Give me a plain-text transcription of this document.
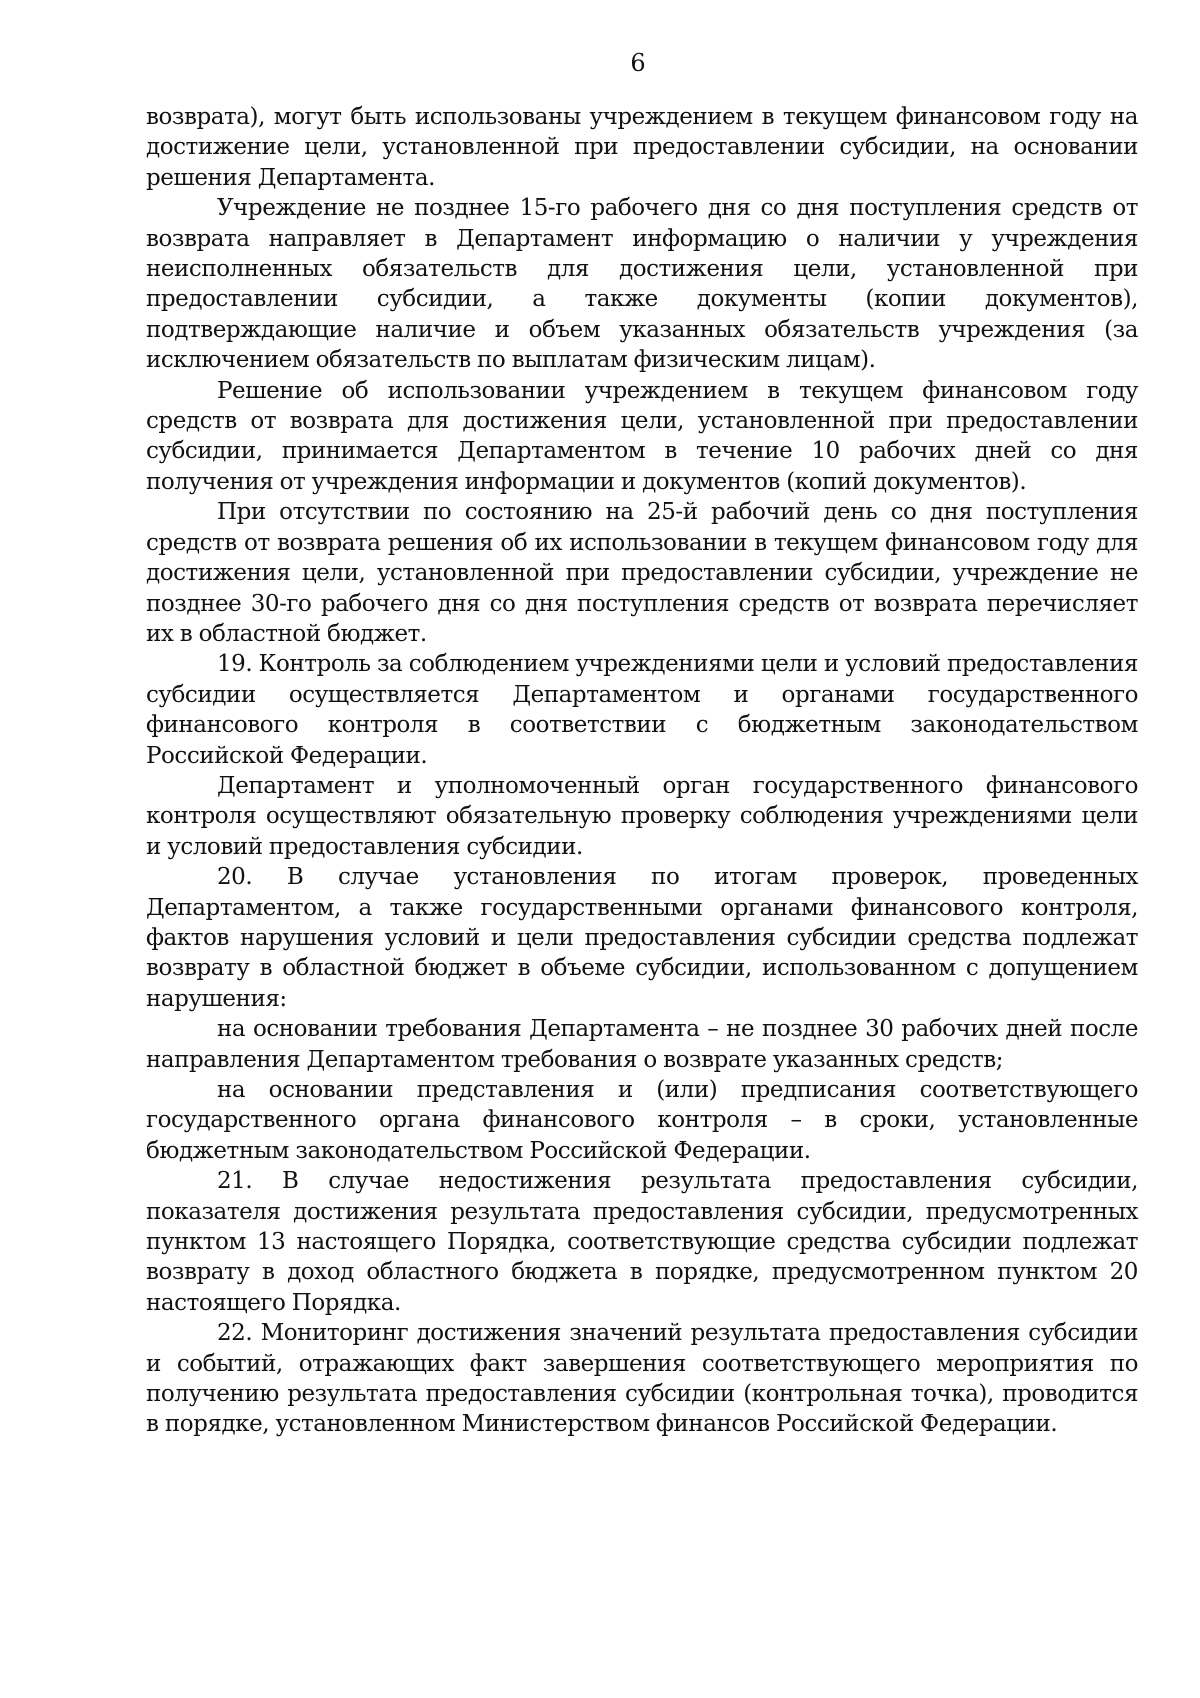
6

возврата), могут быть использованы учреждением в текущем финансовом году на достижение цели, установленной при предоставлении субсидии, на основании решения Департамента.

Учреждение не позднее 15-го рабочего дня со дня поступления средств от возврата направляет в Департамент информацию о наличии у учреждения неисполненных обязательств для достижения цели, установленной при предоставлении субсидии, а также документы (копии документов), подтверждающие наличие и объем указанных обязательств учреждения (за исключением обязательств по выплатам физическим лицам).

Решение об использовании учреждением в текущем финансовом году средств от возврата для достижения цели, установленной при предоставлении субсидии, принимается Департаментом в течение 10 рабочих дней со дня получения от учреждения информации и документов (копий документов).

При отсутствии по состоянию на 25-й рабочий день со дня поступления средств от возврата решения об их использовании в текущем финансовом году для достижения цели, установленной при предоставлении субсидии, учреждение не позднее 30-го рабочего дня со дня поступления средств от возврата перечисляет их в областной бюджет.

19. Контроль за соблюдением учреждениями цели и условий предоставления субсидии осуществляется Департаментом и органами государственного финансового контроля в соответствии с бюджетным законодательством Российской Федерации.

Департамент и уполномоченный орган государственного финансового контроля осуществляют обязательную проверку соблюдения учреждениями цели и условий предоставления субсидии.

20. В случае установления по итогам проверок, проведенных Департаментом, а также государственными органами финансового контроля, фактов нарушения условий и цели предоставления субсидии средства подлежат возврату в областной бюджет в объеме субсидии, использованном с допущением нарушения:

на основании требования Департамента – не позднее 30 рабочих дней после направления Департаментом требования о возврате указанных средств;

на основании представления и (или) предписания соответствующего государственного органа финансового контроля – в сроки, установленные бюджетным законодательством Российской Федерации.

21. В случае недостижения результата предоставления субсидии, показателя достижения результата предоставления субсидии, предусмотренных пунктом 13 настоящего Порядка, соответствующие средства субсидии подлежат возврату в доход областного бюджета в порядке, предусмотренном пунктом 20 настоящего Порядка.

22. Мониторинг достижения значений результата предоставления субсидии и событий, отражающих факт завершения соответствующего мероприятия по получению результата предоставления субсидии (контрольная точка), проводится в порядке, установленном Министерством финансов Российской Федерации.
